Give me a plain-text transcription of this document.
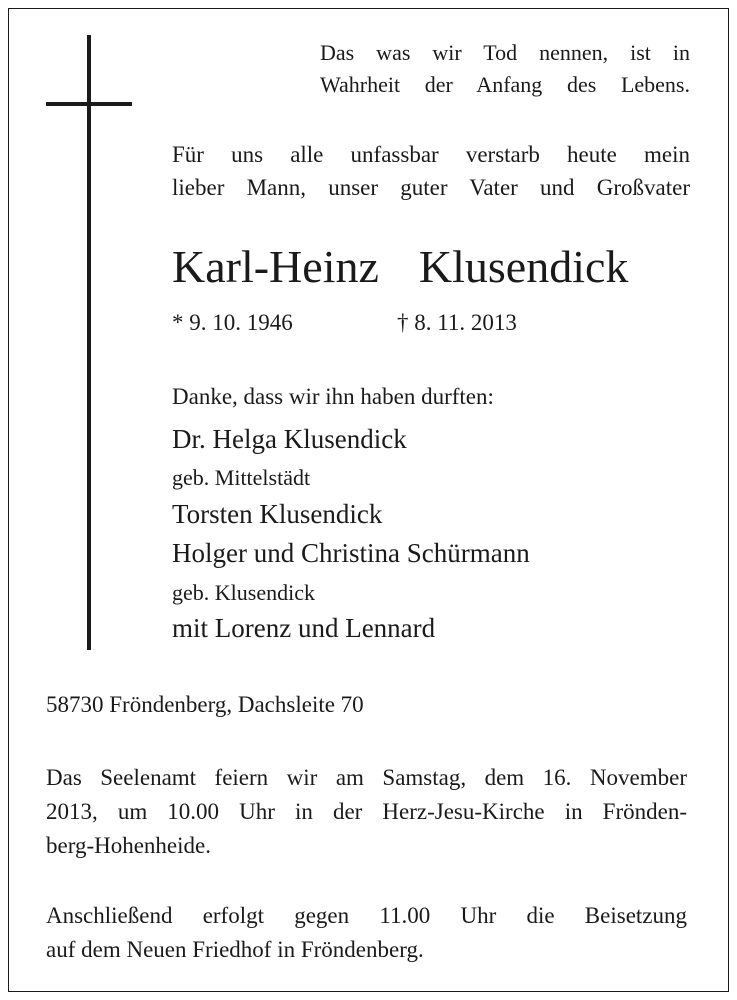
Das was wir Tod nennen, ist in

Wahrheit der Anfang des Lebens.

Für uns alle unfassbar verstarb heute mein

lieber Mann, unser guter Vater und Großvater

Karl-Heinz Klusendick

* 9. 10. 1946	† 8. 11. 2013

Danke, dass wir ihn haben durften:

Dr. Helga Klusendick

geb. Mittelstädt

Torsten Klusendick

Holger und Christina Schürmann

geb. Klusendick

mit Lorenz und Lennard

58730 Fröndenberg, Dachsleite 70

Das Seelenamt feiern wir am Samstag, dem 16. November

2013, um 10.00 Uhr in der Herz-Jesu-Kirche in Frönden-

berg-Hohenheide.

Anschließend erfolgt gegen 11.00 Uhr die Beisetzung

auf dem Neuen Friedhof in Fröndenberg.
